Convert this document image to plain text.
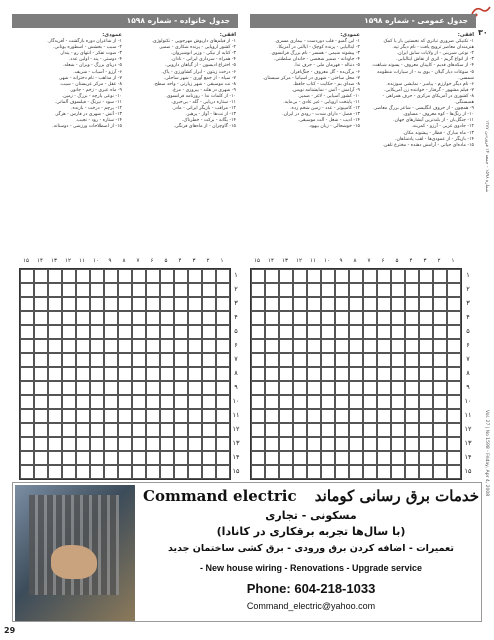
۳۰
شماره ۱۵۹۸ - جمعه ۱۴ فروردین ۱۳۸۷
Vol. 27 | No 1598 - Friday, Apr 4, 2008
جدول عمومی - شماره ۱۵۹۸
افقی:
۱- تکنیکی ضروری تیاتری که نخستین بار با کمک هنرمندان معاصر ترویج یافت - نام دیگر تپه.
۲- نوعی شیرینی - از ولایات سابق ایران.
۳- از انواع گریم - اثری از نقاش ایتالیایی.
۴- از سکه‌های قدیم - کاپیتان معروف - پسوند شباهت.
۵- سوغات دیار گیلان - بوی بد - از سیارات منظومه شمسی.
۶- نام دیگر خوارزم - پیامبر - نمایشی سوزنده.
۷- فیلم مشهور - گرفتار - خواننده زن آمریکایی.
۸- کشوری در آمریکای مرکزی - حرف همراهی - همبستگی.
۹- همچون - از حروف انگلیسی - شاعر بزرگ معاصر.
۱۰- از رنگ‌ها - کوه معروف - مساوی.
۱۱- جنگل‌بان - از بلندترین آبشارهای جهان.
۱۲- جادوی غربی - آرزو - کمربند.
۱۳- ماه مبارک - قطار - پیشوند مکان.
۱۴- بازیگر - از عمودی‌ها - لقب پادشاهان.
۱۵- ماده‌ای حیاتی - آرامش دهنده - مخترع تلفن.
عمودی:
۱- ابن گمبو - قلب دوردست - بیماری مسری.
۲- ایتالیایی - پرنده کوچک - ایالتی در آمریکا.
۳- پیشوند شیمی - همسر - نام بزرگ فرانسوی.
۴- جاودانه - ضمیر شخصی - خاندان سلطنتی.
۵- دنباله - قهرمان ملی - حرف ندا.
۶- برگزیده - گل معروف - جنگ‌افزار.
۷- محل ساختن - شهری در اسپانیا - مرکز سیستان.
۸- صدای بم - حکایت - کتاب حافظ.
۹- آرامش - آتش - نمایشنامه نویس.
۱۰- کشور آسیایی - لاغر - ضمیر.
۱۱- پایتخت اروپایی - غیر عادی - بی‌مایه.
۱۲- کامپیوتر - عدد - زمین شخم زده.
۱۳- فصل - دارای شدت - رودی در ایران.
۱۴- ادیب - شغل - آلت موسیقی.
۱۵- خوشحالی - زبان بیهود.
جدول خانواده - شماره ۱۵۹۸
افقی:
۱- از فیلم‌های داریوش مهرجویی - تکنولوژی.
۲- کشور اروپایی - پرنده شکاری - ضمیر.
۳- کنایه از نیکی - وزیر انوشیروان.
۴- همراه - سرداری ایرانی - نادان.
۵- اختراع ادیسون - از گیاهان دارویی.
۶- درخت زیتون - ابزار کشاورزی - پاک.
۷- سپاه - از جمع آوری - شهر ساحلی.
۸- نت موسیقی - شهر زیارتی - واحد سطح.
۹- شهری در هلند - پیروزی - مرغ.
۱۰- از کلمات ندا - روزنامه فرانسوی.
۱۱- ستاره دریایی - گله - بی‌خبری.
۱۲- مراقب - بازیگر ایرانی - مادر.
۱۳- از نت‌ها - آواز - پرهیز.
۱۴- یگانه - برکت - خطرناک.
۱۵- گاوچران - از ماه‌های فرنگی.
عمودی:
۱- از شاعران دوره بازگشت - آفریدگار.
۲- سبب - بخشش - اسطوره یونانی.
۳- صوت تفکر - انتهای رو - پندار.
۴- دوستی - پند - اولین عدد.
۵- دریای بزرگ - ویران - شعله.
۶- آرزو - آسیاب - شریف.
۷- از مذاهب - نام دخترانه - شهر.
۸- عقل - مرکز عربستان - سیب.
۹- ماه عبری - زخم - جانور.
۱۰- نوعی پارچه - بزرگ - زمین.
۱۱- سود - نیرنگ - فیلسوف آلمانی.
۱۲- پرچم - درخت - بازنده.
۱۳- آتش - شهری در فارس - هرگز.
۱۴- ستاره - رود - نجیب.
۱۵- از اصطلاحات ورزشی - دوستانه.
۱
۲
۳
۴
۵
۶
۷
۸
۹
۱۰
۱۱
۱۲
۱۳
۱۴
۱۵	۱
۲
۳
۴
۵
۶
۷
۸
۹
۱۰
۱۱
۱۲
۱۳
۱۴
۱۵
۱
۲
۳
۴
۵
۶
۷
۸
۹
۱۰
۱۱
۱۲
۱۳
۱۴
۱۵
۱
۲
۳
۴
۵
۶
۷
۸
۹
۱۰
۱۱
۱۲
۱۳
۱۴
۱۵
خدمات برق رسانی کوماند
Command electric
مسکونی - تجاری
(با سال‌ها تجربه برقکاری در کانادا)
تعمیرات - اضافه کردن برق ورودی - برق کشی ساختمان جدید
- New house wiring - Renovations - Upgrade service
Phone: 604-218-1033
Command_electric@yahoo.com
29
